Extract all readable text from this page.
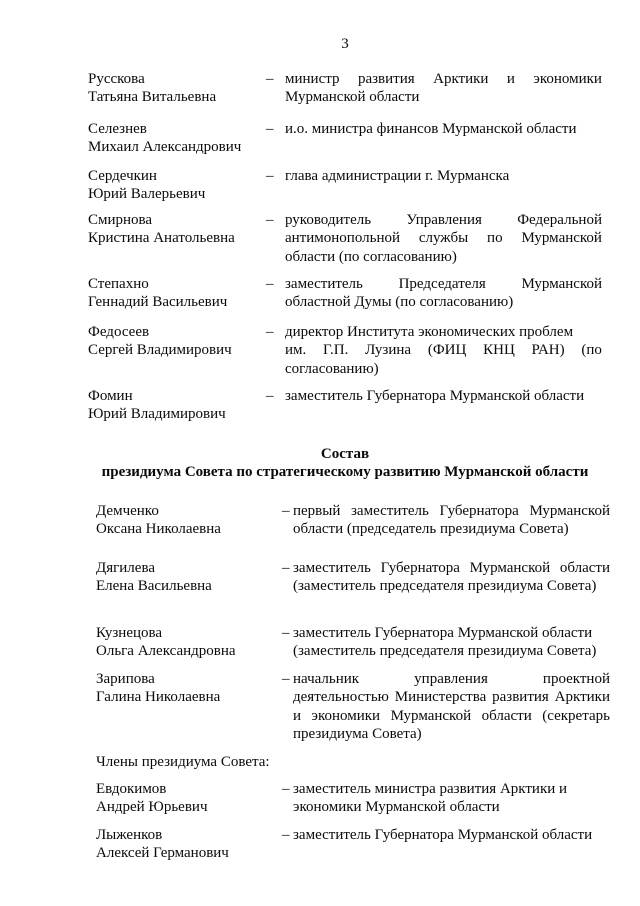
3
Русскова
Татьяна Витальевна
– министр развития Арктики и экономики
Мурманской области
Селезнев
Михаил Александрович
– и.о. министра финансов Мурманской области
Сердечкин
Юрий Валерьевич
– глава администрации г. Мурманска
Смирнова
Кристина Анатольевна
– руководитель Управления Федеральной
антимонопольной службы по Мурманской
области (по согласованию)
Степахно
Геннадий Васильевич
– заместитель Председателя Мурманской
областной Думы (по согласованию)
Федосеев
Сергей Владимирович
– директор Института экономических проблем
им. Г.П. Лузина (ФИЦ КНЦ РАН) (по
согласованию)
Фомин
Юрий Владимирович
– заместитель Губернатора Мурманской области
Состав
президиума Совета по стратегическому развитию Мурманской области
Демченко
Оксана Николаевна
– первый заместитель Губернатора Мурманской
области (председатель президиума Совета)
Дягилева
Елена Васильевна
– заместитель Губернатора Мурманской области
(заместитель председателя президиума Совета)
Кузнецова
Ольга Александровна
– заместитель Губернатора Мурманской области
(заместитель председателя президиума Совета)
Зарипова
Галина Николаевна
– начальник	управления	проектной
деятельностью Министерства развития Арктики
и экономики Мурманской области (секретарь
президиума Совета)
Члены президиума Совета:
Евдокимов
Андрей Юрьевич
– заместитель министра развития Арктики и
экономики Мурманской области
Лыженков
Алексей Германович
– заместитель Губернатора Мурманской области
